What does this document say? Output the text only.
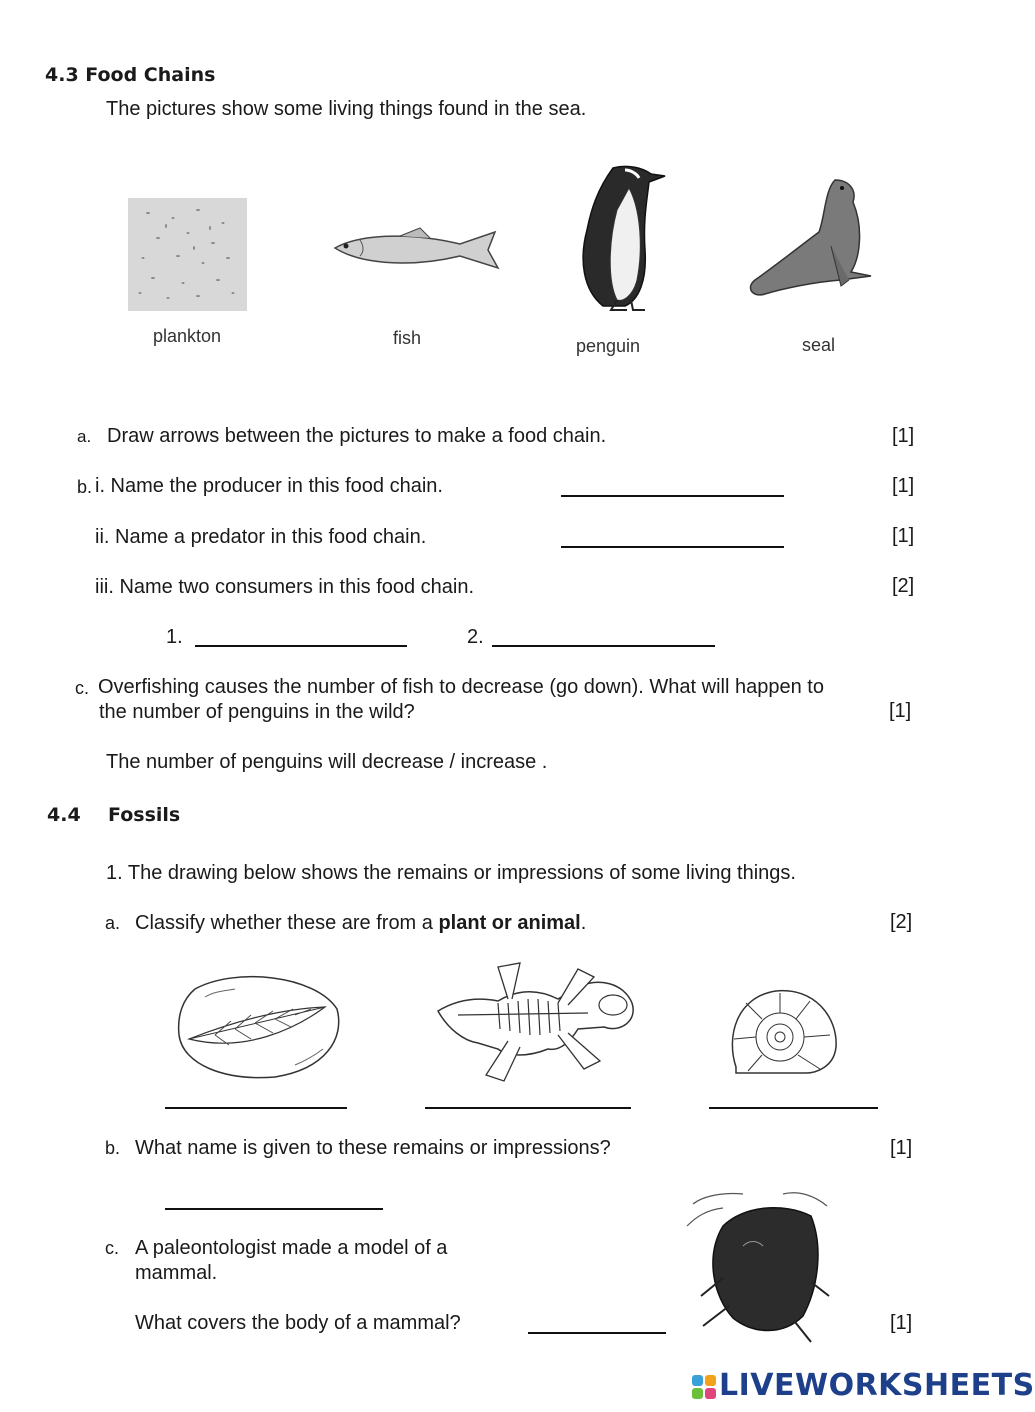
4.3 Food Chains
The pictures show some living things found in the sea.
plankton	fish	penguin	seal
a. Draw arrows between the pictures to make a food chain.	[1]
b. i. Name the producer in this food chain.	[1]
ii. Name a predator in this food chain.	[1]
iii. Name two consumers in this food chain.	[2]
1.	2.
c. Overfishing causes the number of fish to decrease (go down). What will happen to
the number of penguins in the wild?	[1]
The number of penguins will decrease / increase .
4.4 Fossils
1. The drawing below shows the remains or impressions of some living things.
a. Classify whether these are from a plant or animal.	[2]
b. What name is given to these remains or impressions?	[1]
c. A paleontologist made a model of a
mammal.
What covers the body of a mammal?	[1]
LIVEWORKSHEETS
